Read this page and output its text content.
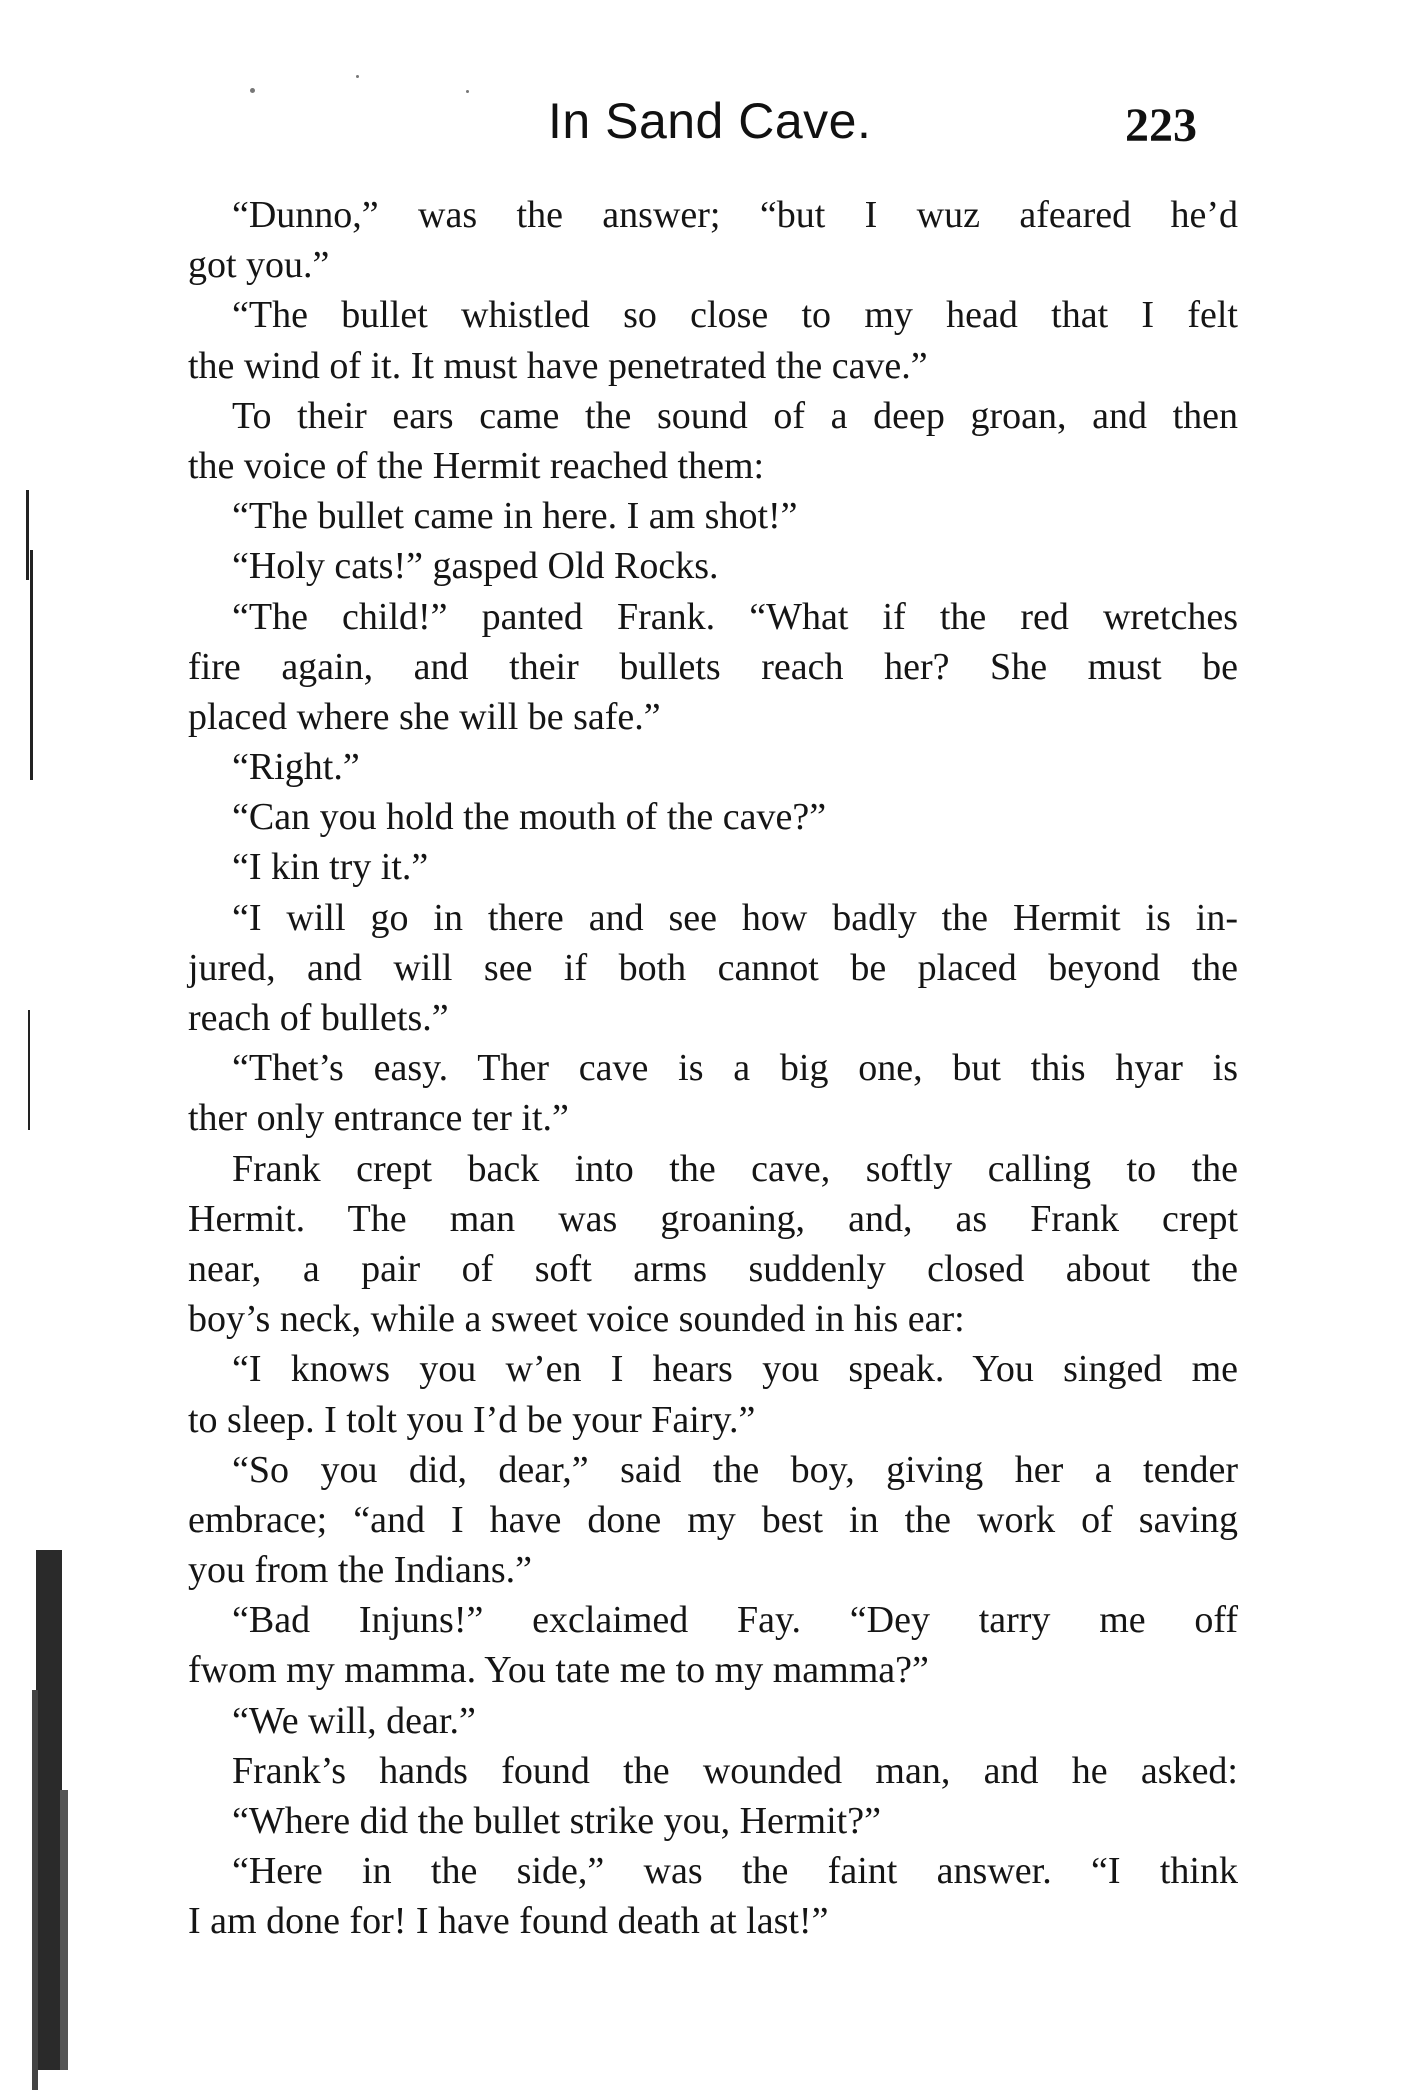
In Sand Cave.	223
“Dunno,” was the answer; “but I wuz afeared he’d
got you.”
“The bullet whistled so close to my head that I felt
the wind of it. It must have penetrated the cave.”
To their ears came the sound of a deep groan, and then
the voice of the Hermit reached them:
“The bullet came in here. I am shot!”
“Holy cats!” gasped Old Rocks.
“The child!” panted Frank. “What if the red wretches
fire again, and their bullets reach her? She must be
placed where she will be safe.”
“Right.”
“Can you hold the mouth of the cave?”
“I kin try it.”
“I will go in there and see how badly the Hermit is in-
jured, and will see if both cannot be placed beyond the
reach of bullets.”
“Thet’s easy. Ther cave is a big one, but this hyar is
ther only entrance ter it.”
Frank crept back into the cave, softly calling to the
Hermit. The man was groaning, and, as Frank crept
near, a pair of soft arms suddenly closed about the
boy’s neck, while a sweet voice sounded in his ear:
“I knows you w’en I hears you speak. You singed me
to sleep. I tolt you I’d be your Fairy.”
“So you did, dear,” said the boy, giving her a tender
embrace; “and I have done my best in the work of saving
you from the Indians.”
“Bad Injuns!” exclaimed Fay. “Dey tarry me off
fwom my mamma. You tate me to my mamma?”
“We will, dear.”
Frank’s hands found the wounded man, and he asked:
“Where did the bullet strike you, Hermit?”
“Here in the side,” was the faint answer. “I think
I am done for! I have found death at last!”
